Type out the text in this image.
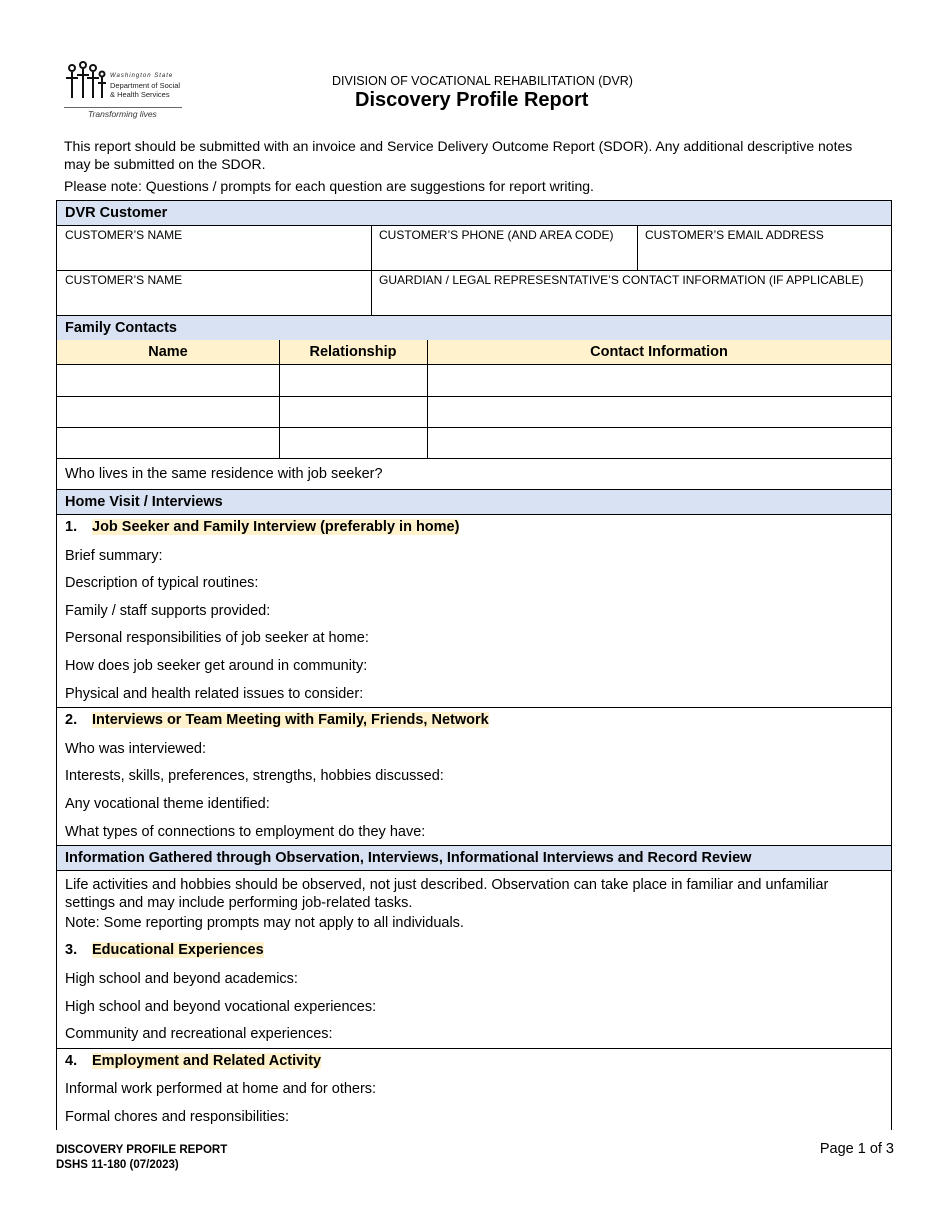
Washington State
Department of Social
& Health Services
Transforming lives
DIVISION OF VOCATIONAL REHABILITATION (DVR)
Discovery Profile Report

This report should be submitted with an invoice and Service Delivery Outcome Report (SDOR). Any additional descriptive notes may be submitted on the SDOR.

Please note: Questions / prompts for each question are suggestions for report writing.

DVR Customer
CUSTOMER’S NAME	CUSTOMER’S PHONE (AND AREA CODE)	CUSTOMER’S EMAIL ADDRESS
CUSTOMER’S NAME	GUARDIAN / LEGAL REPRESESNTATIVE’S CONTACT INFORMATION (IF APPLICABLE)
Family Contacts
Name	Relationship	Contact Information
Who lives in the same residence with job seeker?
Home Visit / Interviews
1. Job Seeker and Family Interview (preferably in home)
Brief summary:
Description of typical routines:
Family / staff supports provided:
Personal responsibilities of job seeker at home:
How does job seeker get around in community:
Physical and health related issues to consider:
2. Interviews or Team Meeting with Family, Friends, Network
Who was interviewed:
Interests, skills, preferences, strengths, hobbies discussed:
Any vocational theme identified:
What types of connections to employment do they have:
Information Gathered through Observation, Interviews, Informational Interviews and Record Review
Life activities and hobbies should be observed, not just described. Observation can take place in familiar and unfamiliar settings and may include performing job-related tasks.
Note: Some reporting prompts may not apply to all individuals.
3. Educational Experiences
High school and beyond academics:
High school and beyond vocational experiences:
Community and recreational experiences:
4. Employment and Related Activity
Informal work performed at home and for others:
Formal chores and responsibilities:
DISCOVERY PROFILE REPORT
DSHS 11-180 (07/2023)
Page 1 of 3
